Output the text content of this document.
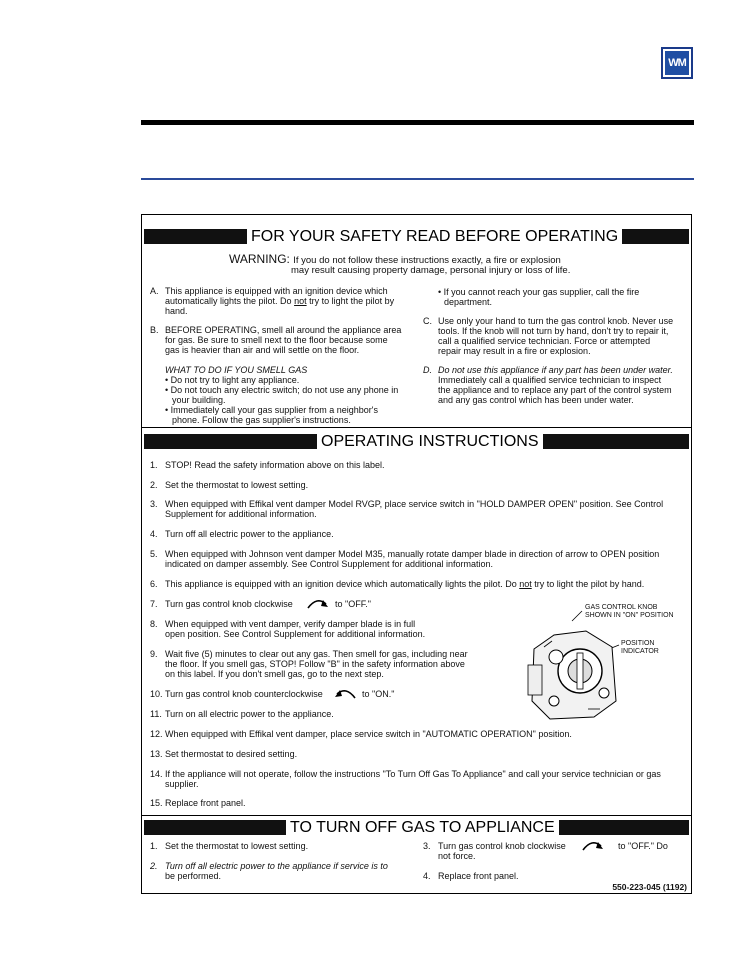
WM
FOR YOUR SAFETY READ BEFORE OPERATING
WARNING: If you do not follow these instructions exactly, a fire or explosion
may result causing property damage, personal injury or loss of life.
A. This appliance is equipped with an ignition device which
automatically lights the pilot. Do not try to light the pilot by
hand.
B. BEFORE OPERATING, smell all around the appliance area
for gas. Be sure to smell next to the floor because some
gas is heavier than air and will settle on the floor.
WHAT TO DO IF YOU SMELL GAS
• Do not try to light any appliance.
• Do not touch any electric switch; do not use any phone in
your building.
• Immediately call your gas supplier from a neighbor's
phone. Follow the gas supplier's instructions.
• If you cannot reach your gas supplier, call the fire
department.
C. Use only your hand to turn the gas control knob. Never use
tools. If the knob will not turn by hand, don't try to repair it,
call a qualified service technician. Force or attempted
repair may result in a fire or explosion.
D. Do not use this appliance if any part has been under water.
Immediately call a qualified service technician to inspect
the appliance and to replace any part of the control system
and any gas control which has been under water.
OPERATING INSTRUCTIONS
1. STOP! Read the safety information above on this label.
2. Set the thermostat to lowest setting.
3. When equipped with Effikal vent damper Model RVGP, place service switch in "HOLD DAMPER OPEN" position. See Control
Supplement for additional information.
4. Turn off all electric power to the appliance.
5. When equipped with Johnson vent damper Model M35, manually rotate damper blade in direction of arrow to OPEN position
indicated on damper assembly. See Control Supplement for additional information.
6. This appliance is equipped with an ignition device which automatically lights the pilot. Do not try to light the pilot by hand.
7. Turn gas control knob clockwise	to "OFF."
8. When equipped with vent damper, verify damper blade is in full
open position. See Control Supplement for additional information.
9. Wait five (5) minutes to clear out any gas. Then smell for gas, including near
the floor. If you smell gas, STOP! Follow "B" in the safety information above
on this label. If you don't smell gas, go to the next step.
10. Turn gas control knob counterclockwise	to "ON."
11. Turn on all electric power to the appliance.
12. When equipped with Effikal vent damper, place service switch in "AUTOMATIC OPERATION" position.
13. Set thermostat to desired setting.
14. If the appliance will not operate, follow the instructions "To Turn Off Gas To Appliance" and call your service technician or gas
supplier.
15. Replace front panel.
GAS CONTROL KNOB
SHOWN IN "ON" POSITION
POSITION
INDICATOR
TO TURN OFF GAS TO APPLIANCE
1. Set the thermostat to lowest setting.
2. Turn off all electric power to the appliance if service is to
be performed.
3. Turn gas control knob clockwise	to "OFF." Do
not force.
4. Replace front panel.
550-223-045 (1192)
